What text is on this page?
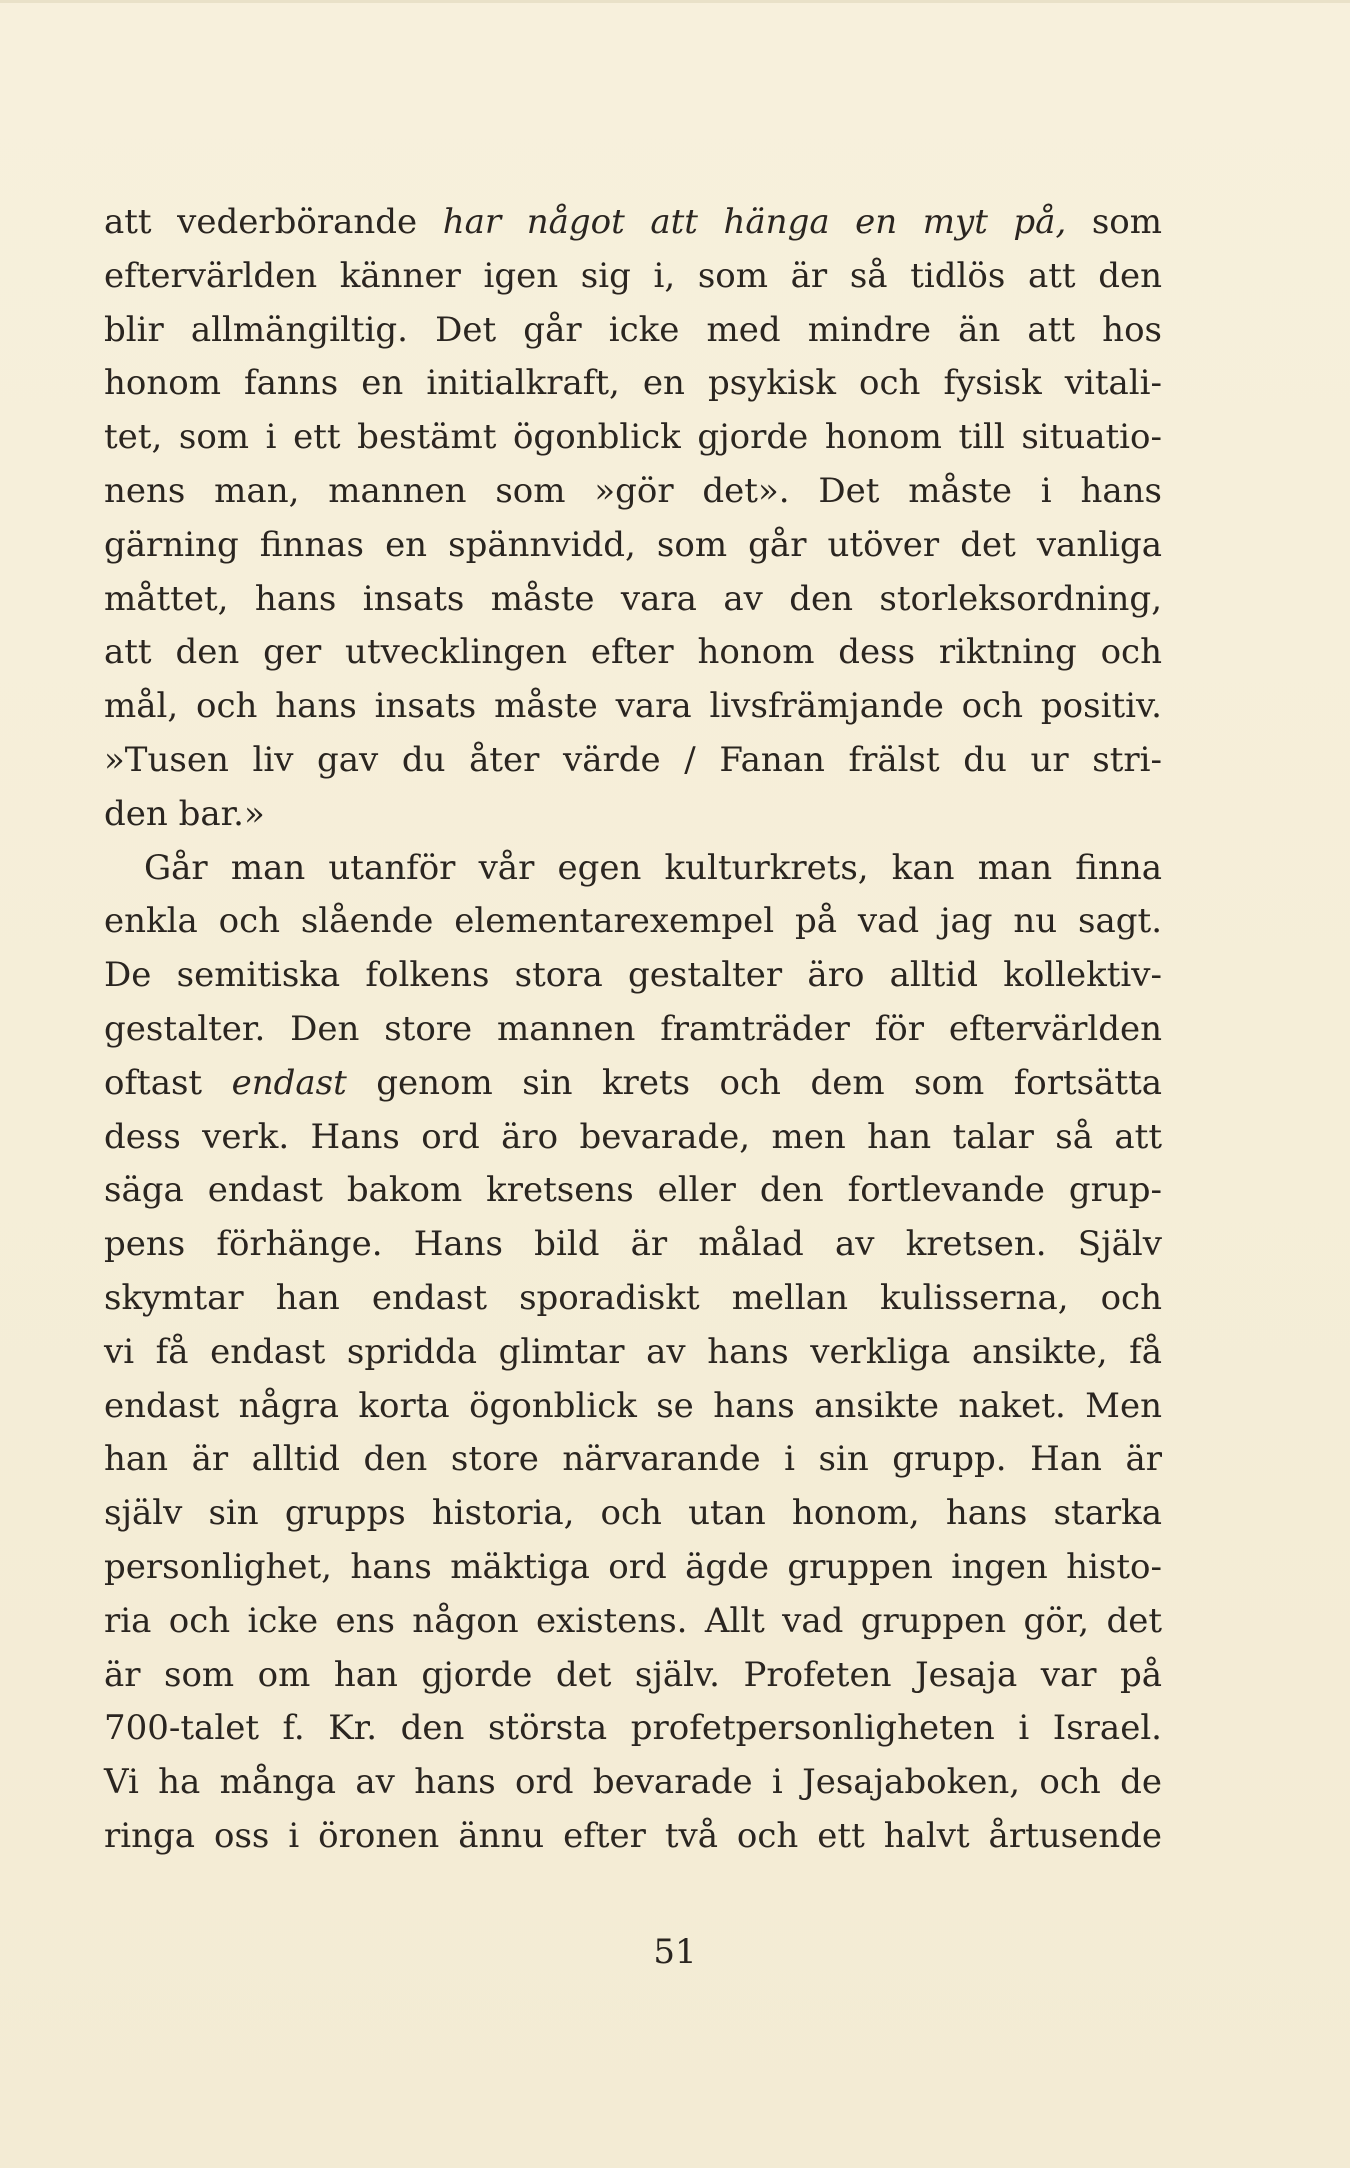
att vederbörande har något att hänga en myt på, som
eftervärlden känner igen sig i, som är så tidlös att den
blir allmängiltig. Det går icke med mindre än att hos
honom fanns en initialkraft, en psykisk och fysisk vitali-
tet, som i ett bestämt ögonblick gjorde honom till situatio-
nens man, mannen som »gör det». Det måste i hans
gärning finnas en spännvidd, som går utöver det vanliga
måttet, hans insats måste vara av den storleksordning,
att den ger utvecklingen efter honom dess riktning och
mål, och hans insats måste vara livsfrämjande och positiv.
»Tusen liv gav du åter värde / Fanan frälst du ur stri-
den bar.»
Går man utanför vår egen kulturkrets, kan man finna
enkla och slående elementarexempel på vad jag nu sagt.
De semitiska folkens stora gestalter äro alltid kollektiv-
gestalter. Den store mannen framträder för eftervärlden
oftast endast genom sin krets och dem som fortsätta
dess verk. Hans ord äro bevarade, men han talar så att
säga endast bakom kretsens eller den fortlevande grup-
pens förhänge. Hans bild är målad av kretsen. Själv
skymtar han endast sporadiskt mellan kulisserna, och
vi få endast spridda glimtar av hans verkliga ansikte, få
endast några korta ögonblick se hans ansikte naket. Men
han är alltid den store närvarande i sin grupp. Han är
själv sin grupps historia, och utan honom, hans starka
personlighet, hans mäktiga ord ägde gruppen ingen histo-
ria och icke ens någon existens. Allt vad gruppen gör, det
är som om han gjorde det själv. Profeten Jesaja var på
700-talet f. Kr. den största profetpersonligheten i Israel.
Vi ha många av hans ord bevarade i Jesajaboken, och de
ringa oss i öronen ännu efter två och ett halvt årtusende
51
